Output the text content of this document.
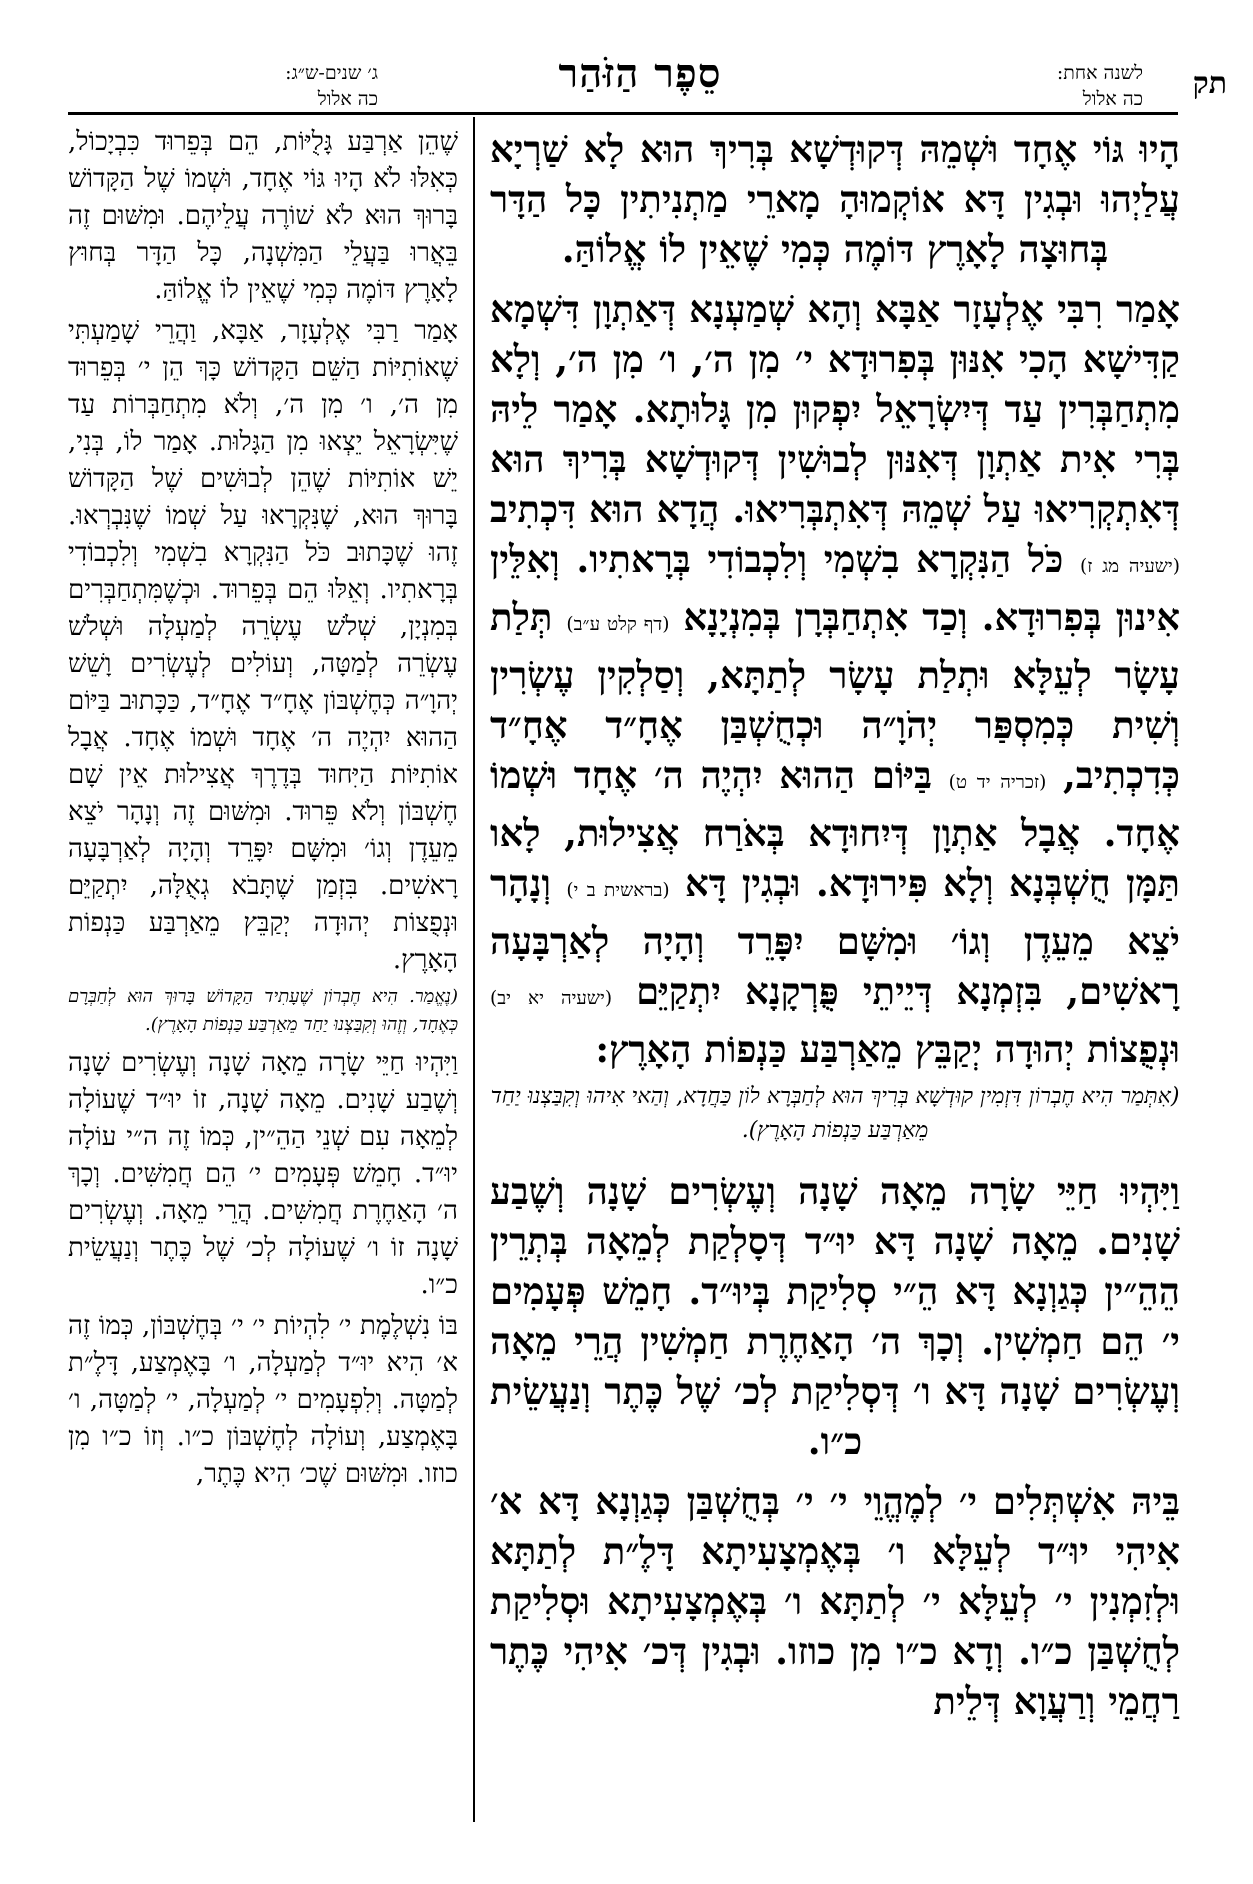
תק
לשנה אחת:
כה אלול
סֵפֶר הַזֹּהַר
ג׳ שנים-ש״ג:
כה אלול

הָיוּ גּוֹי אֶחָד וּשְׁמֵהּ דְּקוּדְשָׁא בְּרִיךְ הוּא לָא שַׁרְיָא עֲלַיְהוּ וּבְגִין דָּא אוֹקְמוּהָ מָארֵי מַתְנִיתִין כָּל הַדָּר בְּחוּצָה לָאָרֶץ דּוֹמֶה כְּמִי שֶׁאֵין לוֹ אֱלוֹהַּ.

אָמַר רִבִּי אֶלְעָזָר אַבָּא וְהָא שְׁמַעְנָא דְּאַתְוָן דִּשְׁמָא קַדִּישָׁא הָכִי אִנּוּן בְּפִרוּדָא י׳ מִן ה׳, ו׳ מִן ה׳, וְלָא מִתְחַבְּרִין עַד דְּיִשְׂרָאֵל יִפְקוּן מִן גָּלוּתָא. אָמַר לֵיהּ בְּרִי אִית אַתְוָן דְּאִנּוּן לְבוּשִׁין דְּקוּדְשָׁא בְּרִיךְ הוּא דְּאִתְקְרִיאוּ עַל שְׁמֵהּ דְּאִתְבְּרִיאוּ. הֲדָא הוּא דִּכְתִיב (ישעיה מג ז) כֹּל הַנִּקְרָא בִשְׁמִי וְלִכְבוֹדִי בְּרָאתִיו. וְאִלֵּין אִינוּן בְּפִרוּדָא. וְכַד אִתְחַבְּרָן בְּמִנְיָנָא (דף קלט ע״ב) תְּלַת עָשָׂר לְעֵלָּא וּתְלַת עָשָׂר לְתַתָּא, וְסַלְקִין עֶשְׂרִין וְשִׁית כְּמִסְפַּר יְהֹוָ״ה וּכְחֻשְׁבַּן אֶחָ״ד אֶחָ״ד כְּדִכְתִיב, (זכריה יד ט) בַּיּוֹם הַהוּא יִהְיֶה ה׳ אֶחָד וּשְׁמוֹ אֶחָד. אֲבָל אַתְוָן דְּיִחוּדָא בְּאֹרַח אֲצִילוּת, לָאו תַּמָּן חֻשְׁבְּנָא וְלָא פִּירוּדָא. וּבְגִין דָּא (בראשית ב י) וְנָהָר יֹצֵא מֵעֵדֶן וְגוֹ׳ וּמִשָּׁם יִפָּרֵד וְהָיָה לְאַרְבָּעָה רָאשִׁים, בִּזְמְנָא דְּיֵיתֵי פֻּרְקָנָא יִתְקַיֵּם (ישעיה יא יב) וּנְפֻצוֹת יְהוּדָה יְקַבֵּץ מֵאַרְבַּע כַּנְפוֹת הָאָרֶץ:

(אִתְּמַר הִיא חֶבְרוֹן דִּזְמִין קוּדְשָׁא בְּרִיךְ הוּא לְחַבְּרָא לוֹן כַּחֲדָא, וְהַאי אִיהוּ וְקִבַּצְנוּ יַחַד מֵאַרְבַּע כַּנְפוֹת הָאָרֶץ).

וַיִּהְיוּ חַיֵּי שָׂרָה מֵאָה שָׁנָה וְעֶשְׂרִים שָׁנָה וְשֶׁבַע שָׁנִים. מֵאָה שָׁנָה דָּא יוּ״ד דְּסָלְקַת לְמֵאָה בְּתְרֵין הֵהֵ״ין כְּגַוְנָא דָּא הֵ״י סְלִיקַת בְּיוּ״ד. חָמֵשׁ פְּעָמִים י׳ הֵם חַמְשִׁין. וְכָךְ ה׳ הָאַחֶרֶת חַמְשִׁין הֲרֵי מֵאָה וְעֶשְׂרִים שָׁנָה דָּא ו׳ דְּסְלִיקַת לְכ׳ שֶׁל כֶּתֶר וְנַעֲשֵׂית כ״ו.

בֵּיהּ אִשְׁתְּלִים י׳ לְמֶהֱוֵי י׳ י׳ בְּחֻשְׁבַּן כְּגַוְנָא דָּא א׳ אִיהִי יוּ״ד לְעֵלָּא ו׳ בְּאֶמְצָעִיתָא דָּלֶ״ת לְתַתָּא וּלְזִמְנִין י׳ לְעֵלָּא י׳ לְתַתָּא ו׳ בְּאֶמְצָעִיתָא וּסְלִיקַת לְחֻשְׁבַּן כ״ו. וְדָא כ״ו מִן כוזו. וּבְגִין דְּכ׳ אִיהִי כֶּתֶר רַחֲמֵי וְרַעֲוָא דְּלֵית

שֶׁהֵן אַרְבַּע גָּלֻיּוֹת, הֵם בְּפֵרוּד כִּבְיָכוֹל, כְּאִלּוּ לֹא הָיוּ גּוֹי אֶחָד, וּשְׁמוֹ שֶׁל הַקָּדוֹשׁ בָּרוּךְ הוּא לֹא שׁוֹרֶה עֲלֵיהֶם. וּמִשּׁוּם זֶה בֵּאֲרוּ בַּעֲלֵי הַמִּשְׁנָה, כָּל הַדָּר בְּחוּץ לָאָרֶץ דּוֹמֶה כְּמִי שֶׁאֵין לוֹ אֱלוֹהַּ.

אָמַר רַבִּי אֶלְעָזָר, אַבָּא, וַהֲרֵי שָׁמַעְתִּי שֶׁאוֹתִיּוֹת הַשֵּׁם הַקָּדוֹשׁ כָּךְ הֵן י׳ בְּפֵרוּד מִן ה׳, ו׳ מִן ה׳, וְלֹא מִתְחַבְּרוֹת עַד שֶׁיִּשְׂרָאֵל יֵצְאוּ מִן הַגָּלוּת. אָמַר לוֹ, בְּנִי, יֵשׁ אוֹתִיּוֹת שֶׁהֵן לְבוּשִׁים שֶׁל הַקָּדוֹשׁ בָּרוּךְ הוּא, שֶׁנִּקְרָאוּ עַל שְׁמוֹ שֶׁנִּבְרְאוּ. זֶהוּ שֶׁכָּתוּב כֹּל הַנִּקְרָא בִשְׁמִי וְלִכְבוֹדִי בְּרָאתִיו. וְאֵלּוּ הֵם בְּפֵרוּד. וּכְשֶׁמִּתְחַבְּרִים בְּמִנְיָן, שְׁלֹשׁ עֶשְׂרֵה לְמַעְלָה וּשְׁלֹשׁ עֶשְׂרֵה לְמַטָּה, וְעוֹלִים לְעֶשְׂרִים וָשֵׁשׁ יְהוָ״ה כְּחֶשְׁבּוֹן אֶחָ״ד אֶחָ״ד, כַּכָּתוּב בַּיּוֹם הַהוּא יִהְיֶה ה׳ אֶחָד וּשְׁמוֹ אֶחָד. אֲבָל אוֹתִיּוֹת הַיִּחוּד בְּדֶרֶךְ אֲצִילוּת אֵין שָׁם חֶשְׁבּוֹן וְלֹא פֵּרוּד. וּמִשּׁוּם זֶה וְנָהָר יֹצֵא מֵעֵדֶן וְגוֹ׳ וּמִשָּׁם יִפָּרֵד וְהָיָה לְאַרְבָּעָה רָאשִׁים. בִּזְמַן שֶׁתָּבֹא גְאֻלָּה, יִתְקַיֵּם וּנְפֻצוֹת יְהוּדָה יְקַבֵּץ מֵאַרְבַּע כַּנְפוֹת הָאָרֶץ.

(נֶאֱמַר. הִיא חֶבְרוֹן שֶׁעָתִיד הַקָּדוֹשׁ בָּרוּךְ הוּא לְחַבְּרָם כְּאֶחָד, וְזֶהוּ וְקִבַּצְנוּ יַחַד מֵאַרְבַּע כַּנְפוֹת הָאָרֶץ).

וַיִּהְיוּ חַיֵּי שָׂרָה מֵאָה שָׁנָה וְעֶשְׂרִים שָׁנָה וְשֶׁבַע שָׁנִים. מֵאָה שָׁנָה, זוֹ יוּ״ד שֶׁעוֹלָה לְמֵאָה עִם שְׁנֵי הַהֵ״ין, כְּמוֹ זֶה ה״י עוֹלָה יוּ״ד. חָמֵשׁ פְּעָמִים י׳ הֵם חֲמִשִּׁים. וְכָךְ ה׳ הָאַחֶרֶת חֲמִשִּׁים. הֲרֵי מֵאָה. וְעֶשְׂרִים שָׁנָה זוֹ ו׳ שֶׁעוֹלָה לְכ׳ שֶׁל כֶּתֶר וְנַעֲשֵׂית כ״ו.

בּוֹ נִשְׁלֶמֶת י׳ לִהְיוֹת י׳ י׳ בְּחֶשְׁבּוֹן, כְּמוֹ זֶה א׳ הִיא יוּ״ד לְמַעְלָה, ו׳ בָּאֶמְצַע, דָּלֶ״ת לְמַטָּה. וְלִפְעָמִים י׳ לְמַעְלָה, י׳ לְמַטָּה, ו׳ בָּאֶמְצַע, וְעוֹלָה לְחֶשְׁבּוֹן כ״ו. וְזוֹ כ״ו מִן כוזו. וּמִשּׁוּם שֶׁכ׳ הִיא כֶּתֶר,
